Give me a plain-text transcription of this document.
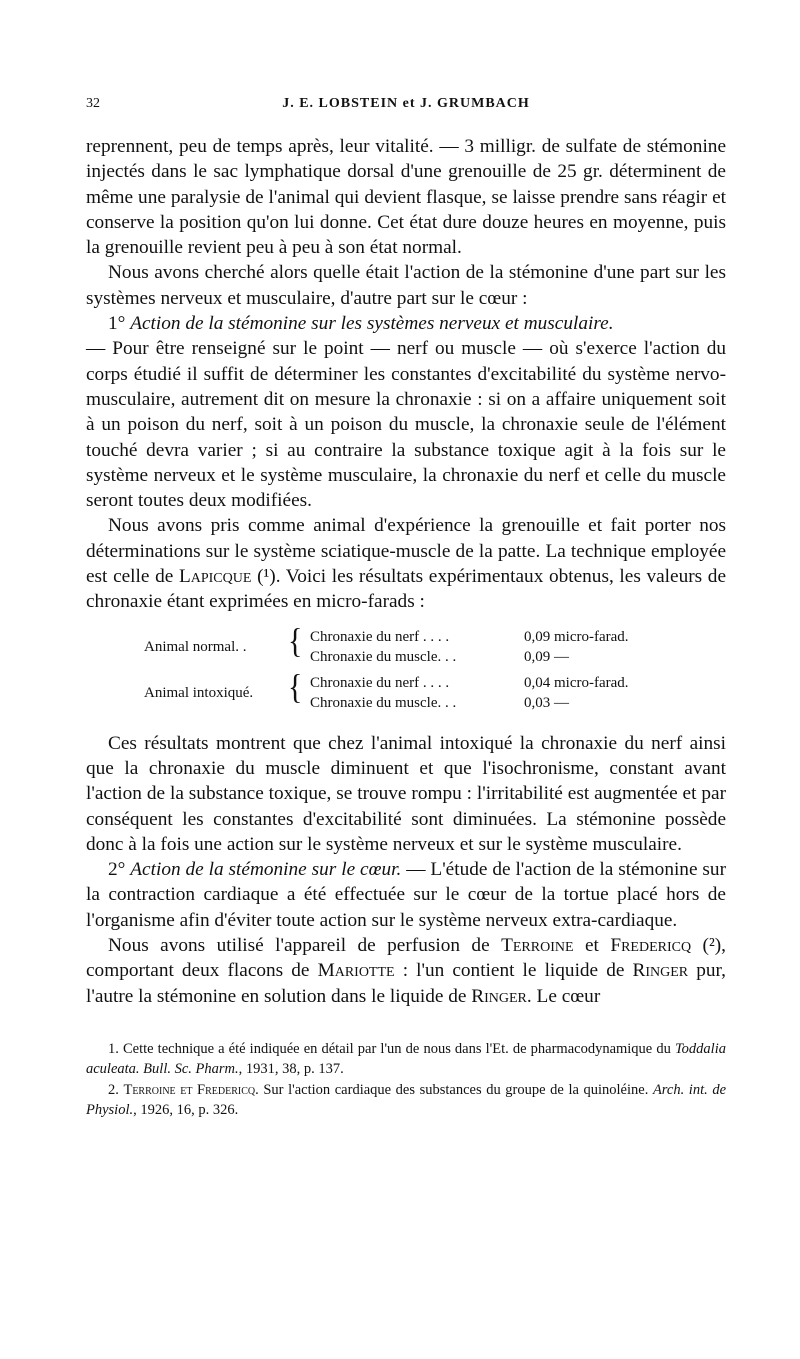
32	J. E. LOBSTEIN et J. GRUMBACH

reprennent, peu de temps après, leur vitalité. — 3 milligr. de sulfate de stémonine injectés dans le sac lymphatique dorsal d'une grenouille de 25 gr. déterminent de même une paralysie de l'animal qui devient flasque, se laisse prendre sans réagir et conserve la position qu'on lui donne. Cet état dure douze heures en moyenne, puis la grenouille revient peu à peu à son état normal.

Nous avons cherché alors quelle était l'action de la stémonine d'une part sur les systèmes nerveux et musculaire, d'autre part sur le cœur :

1° Action de la stémonine sur les systèmes nerveux et musculaire.

— Pour être renseigné sur le point — nerf ou muscle — où s'exerce l'action du corps étudié il suffit de déterminer les constantes d'excitabilité du système nervo-musculaire, autrement dit on mesure la chronaxie : si on a affaire uniquement soit à un poison du nerf, soit à un poison du muscle, la chronaxie seule de l'élément touché devra varier ; si au contraire la substance toxique agit à la fois sur le système nerveux et le système musculaire, la chronaxie du nerf et celle du muscle seront toutes deux modifiées.

Nous avons pris comme animal d'expérience la grenouille et fait porter nos déterminations sur le système sciatique-muscle de la patte. La technique employée est celle de Lapicque (¹). Voici les résultats expérimentaux obtenus, les valeurs de chronaxie étant exprimées en micro-farads :

Animal normal. . { Chronaxie du nerf . . . .	0,09 micro-farad.
Chronaxie du muscle. . .	0,09 —
Animal intoxiqué. { Chronaxie du nerf . . . .	0,04 micro-farad.
Chronaxie du muscle. . .	0,03 —

Ces résultats montrent que chez l'animal intoxiqué la chronaxie du nerf ainsi que la chronaxie du muscle diminuent et que l'isochronisme, constant avant l'action de la substance toxique, se trouve rompu : l'irritabilité est augmentée et par conséquent les constantes d'excitabilité sont diminuées. La stémonine possède donc à la fois une action sur le système nerveux et sur le système musculaire.

2° Action de la stémonine sur le cœur. — L'étude de l'action de la stémonine sur la contraction cardiaque a été effectuée sur le cœur de la tortue placé hors de l'organisme afin d'éviter toute action sur le système nerveux extra-cardiaque.

Nous avons utilisé l'appareil de perfusion de Terroine et Fredericq (²), comportant deux flacons de Mariotte : l'un contient le liquide de Ringer pur, l'autre la stémonine en solution dans le liquide de Ringer. Le cœur

1. Cette technique a été indiquée en détail par l'un de nous dans l'Et. de pharmacodynamique du Toddalia aculeata. Bull. Sc. Pharm., 1931, 38, p. 137.

2. Terroine et Fredericq. Sur l'action cardiaque des substances du groupe de la quinoléine. Arch. int. de Physiol., 1926, 16, p. 326.
